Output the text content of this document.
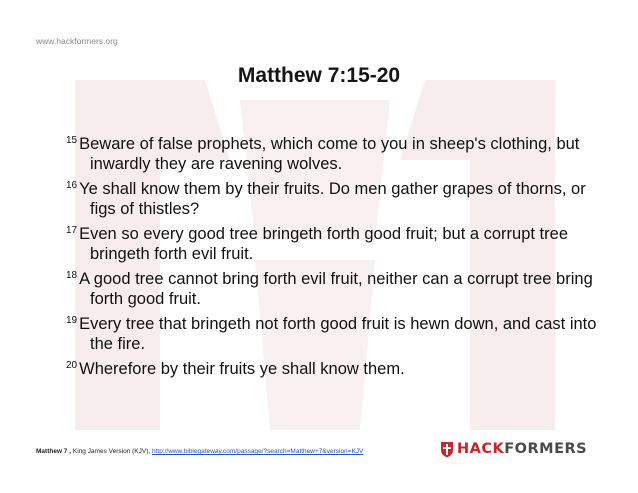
www.hackformers.org
Matthew 7:15-20
$^{15}$ Beware of false prophets, which come to you in sheep's clothing, but inwardly they are ravening wolves.
$^{16}$ Ye shall know them by their fruits. Do men gather grapes of thorns, or figs of thistles?
$^{17}$ Even so every good tree bringeth forth good fruit; but a corrupt tree bringeth forth evil fruit.
$^{18}$ A good tree cannot bring forth evil fruit, neither can a corrupt tree bring forth good fruit.
$^{19}$ Every tree that bringeth not forth good fruit is hewn down, and cast into the fire.
$^{20}$ Wherefore by their fruits ye shall know them.
Matthew 7 , King James Version (KJV), http://www.biblegateway.com/passage/?search=Matthew+7&version=KJV	HACKFORMERS
